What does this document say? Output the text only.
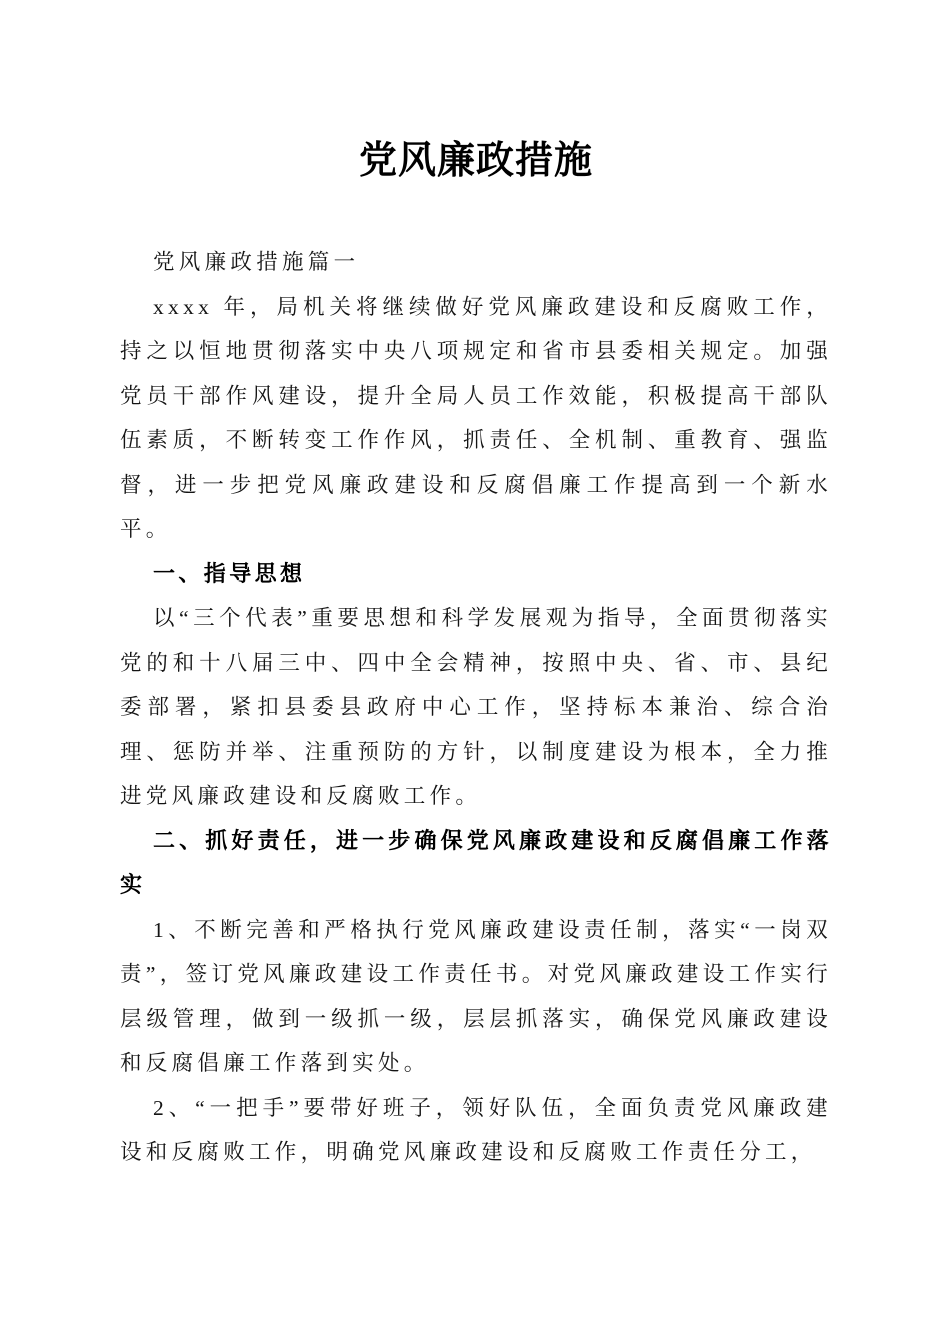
党风廉政措施

党风廉政措施篇一

xxxx 年，局机关将继续做好党风廉政建设和反腐败工作，持之以恒地贯彻落实中央八项规定和省市县委相关规定。加强党员干部作风建设，提升全局人员工作效能，积极提高干部队伍素质，不断转变工作作风，抓责任、全机制、重教育、强监督，进一步把党风廉政建设和反腐倡廉工作提高到一个新水平。

一、指导思想

以“三个代表”重要思想和科学发展观为指导，全面贯彻落实党的和十八届三中、四中全会精神，按照中央、省、市、县纪委部署，紧扣县委县政府中心工作，坚持标本兼治、综合治理、惩防并举、注重预防的方针，以制度建设为根本，全力推进党风廉政建设和反腐败工作。

二、抓好责任，进一步确保党风廉政建设和反腐倡廉工作落实

1、不断完善和严格执行党风廉政建设责任制，落实“一岗双责”，签订党风廉政建设工作责任书。对党风廉政建设工作实行层级管理，做到一级抓一级，层层抓落实，确保党风廉政建设和反腐倡廉工作落到实处。

2、“一把手”要带好班子，领好队伍，全面负责党风廉政建设和反腐败工作，明确党风廉政建设和反腐败工作责任分工，
